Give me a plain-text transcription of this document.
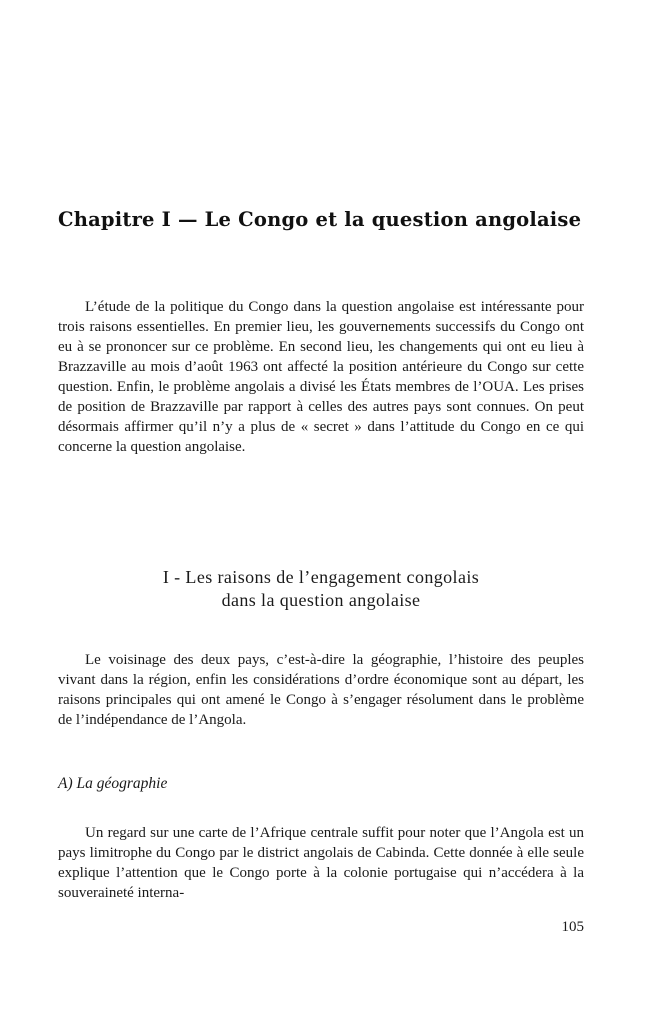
Chapitre I — Le Congo et la question angolaise

L’étude de la politique du Congo dans la question angolaise est intéressante pour trois raisons essentielles. En premier lieu, les gouvernements successifs du Congo ont eu à se prononcer sur ce problème. En second lieu, les changements qui ont eu lieu à Brazzaville au mois d’août 1963 ont affecté la position antérieure du Congo sur cette question. Enfin, le problème angolais a divisé les États membres de l’OUA. Les prises de position de Brazzaville par rapport à celles des autres pays sont connues. On peut désormais affirmer qu’il n’y a plus de « secret » dans l’attitude du Congo en ce qui concerne la question angolaise.

I - Les raisons de l’engagement congolais
dans la question angolaise

Le voisinage des deux pays, c’est-à-dire la géographie, l’histoire des peuples vivant dans la région, enfin les considérations d’ordre économique sont au départ, les raisons principales qui ont amené le Congo à s’engager résolument dans le problème de l’indépendance de l’Angola.

A) La géographie

Un regard sur une carte de l’Afrique centrale suffit pour noter que l’Angola est un pays limitrophe du Congo par le district angolais de Cabinda. Cette donnée à elle seule explique l’attention que le Congo porte à la colonie portugaise qui n’accédera à la souveraineté interna-

105
